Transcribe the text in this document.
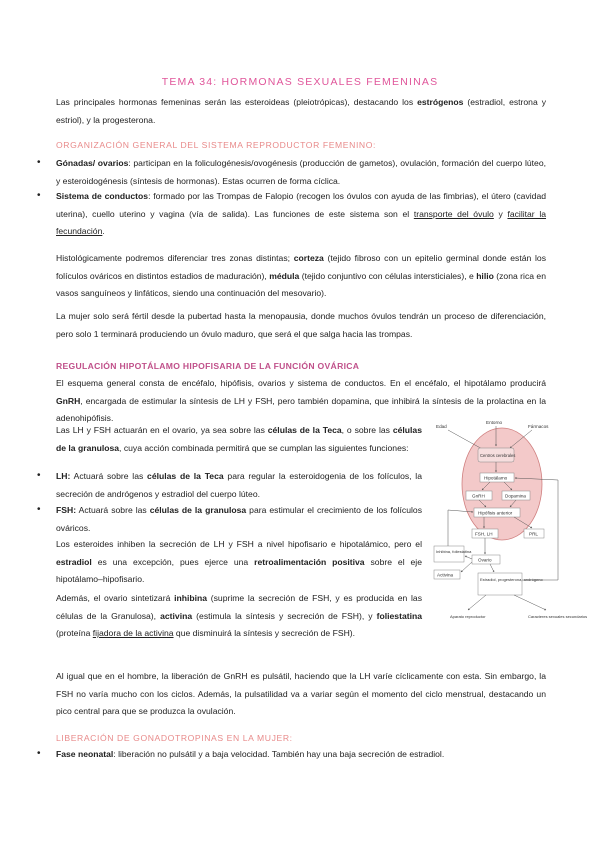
TEMA 34: HORMONAS SEXUALES FEMENINAS
Las principales hormonas femeninas serán las esteroideas (pleiotrópicas), destacando los estrógenos (estradiol, estrona y estriol), y la progesterona.
ORGANIZACIÓN GENERAL DEL SISTEMA REPRODUCTOR FEMENINO:
• Gónadas/ ovarios: participan en la foliculogénesis/ovogénesis (producción de gametos), ovulación, formación del cuerpo lúteo, y esteroidogénesis (síntesis de hormonas). Estas ocurren de forma cíclica.
• Sistema de conductos: formado por las Trompas de Falopio (recogen los óvulos con ayuda de las fimbrias), el útero (cavidad uterina), cuello uterino y vagina (vía de salida). Las funciones de este sistema son el transporte del óvulo y facilitar la fecundación.
Histológicamente podremos diferenciar tres zonas distintas; corteza (tejido fibroso con un epitelio germinal donde están los folículos ováricos en distintos estadios de maduración), médula (tejido conjuntivo con células intersticiales), e hilio (zona rica en vasos sanguíneos y linfáticos, siendo una continuación del mesovario).
La mujer solo será fértil desde la pubertad hasta la menopausia, donde muchos óvulos tendrán un proceso de diferenciación, pero solo 1 terminará produciendo un óvulo maduro, que será el que salga hacia las trompas.
REGULACIÓN HIPOTÁLAMO HIPOFISARIA DE LA FUNCIÓN OVÁRICA
El esquema general consta de encéfalo, hipófisis, ovarios y sistema de conductos. En el encéfalo, el hipotálamo producirá GnRH, encargada de estimular la síntesis de LH y FSH, pero también dopamina, que inhibirá la síntesis de la prolactina en la adenohipófisis.
Las LH y FSH actuarán en el ovario, ya sea sobre las células de la Teca, o sobre las células de la granulosa, cuya acción combinada permitirá que se cumplan las siguientes funciones:
• LH: Actuará sobre las células de la Teca para regular la esteroidogenia de los folículos, la secreción de andrógenos y estradiol del cuerpo lúteo.
• FSH: Actuará sobre las células de la granulosa para estimular el crecimiento de los folículos ováricos.
Los esteroides inhiben la secreción de LH y FSH a nivel hipofisario e hipotalámico, pero el estradiol es una excepción, pues ejerce una retroalimentación positiva sobre el eje hipotálamo–hipofisario.
Además, el ovario sintetizará inhibina (suprime la secreción de FSH, y es producida en las células de la Granulosa), activina (estimula la síntesis y secreción de FSH), y foliestatina (proteína fijadora de la activina que disminuirá la síntesis y secreción de FSH).
Al igual que en el hombre, la liberación de GnRH es pulsátil, haciendo que la LH varíe cíclicamente con esta. Sin embargo, la FSH no varía mucho con los ciclos. Además, la pulsatilidad va a variar según el momento del ciclo menstrual, destacando un pico central para que se produzca la ovulación.
LIBERACIÓN DE GONADOTROPINAS EN LA MUJER:
• Fase neonatal: liberación no pulsátil y a baja velocidad. También hay una baja secreción de estradiol.
Edad
Entorno
Fármacos
Centros cerebrales
Hipotálamo
GnRH	Dopamina
Hipófisis anterior
FSH, LH	PRL
Ovario
Inhibina, foliestatina
Activina
Estradiol, progesterona, andrógeno
Aparato reproductor	Caracteres sexuales secundarios
